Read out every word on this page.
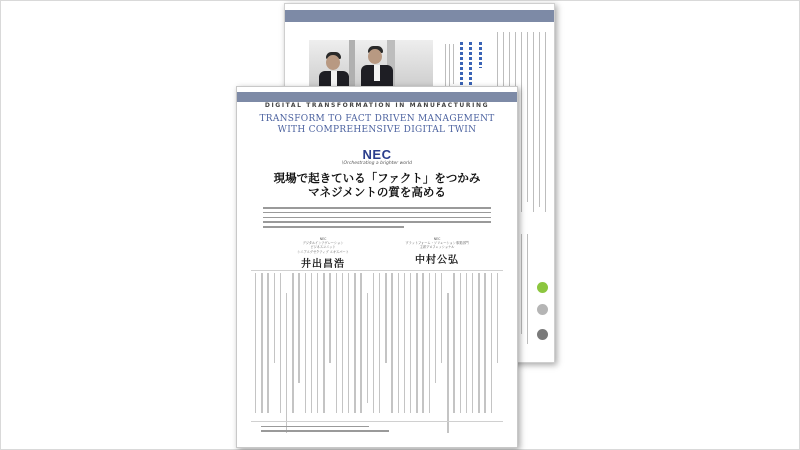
DIGITAL TRANSFORMATION IN MANUFACTURING
TRANSFORM TO FACT DRIVEN MANAGEMENT
WITH COMPREHENSIVE DIGITAL TWIN
NEC
\Orchestrating a brighter world
現場で起きている「ファクト」をつかみ
マネジメントの質を高める
NEC
デジタルインテグレーション
ビジネスユニット
シニアエグゼクティブ エキスパート
井出昌浩
NEC
プラットフォーム・ソリューション事業部門
主席プロフェッショナル
中村公弘
